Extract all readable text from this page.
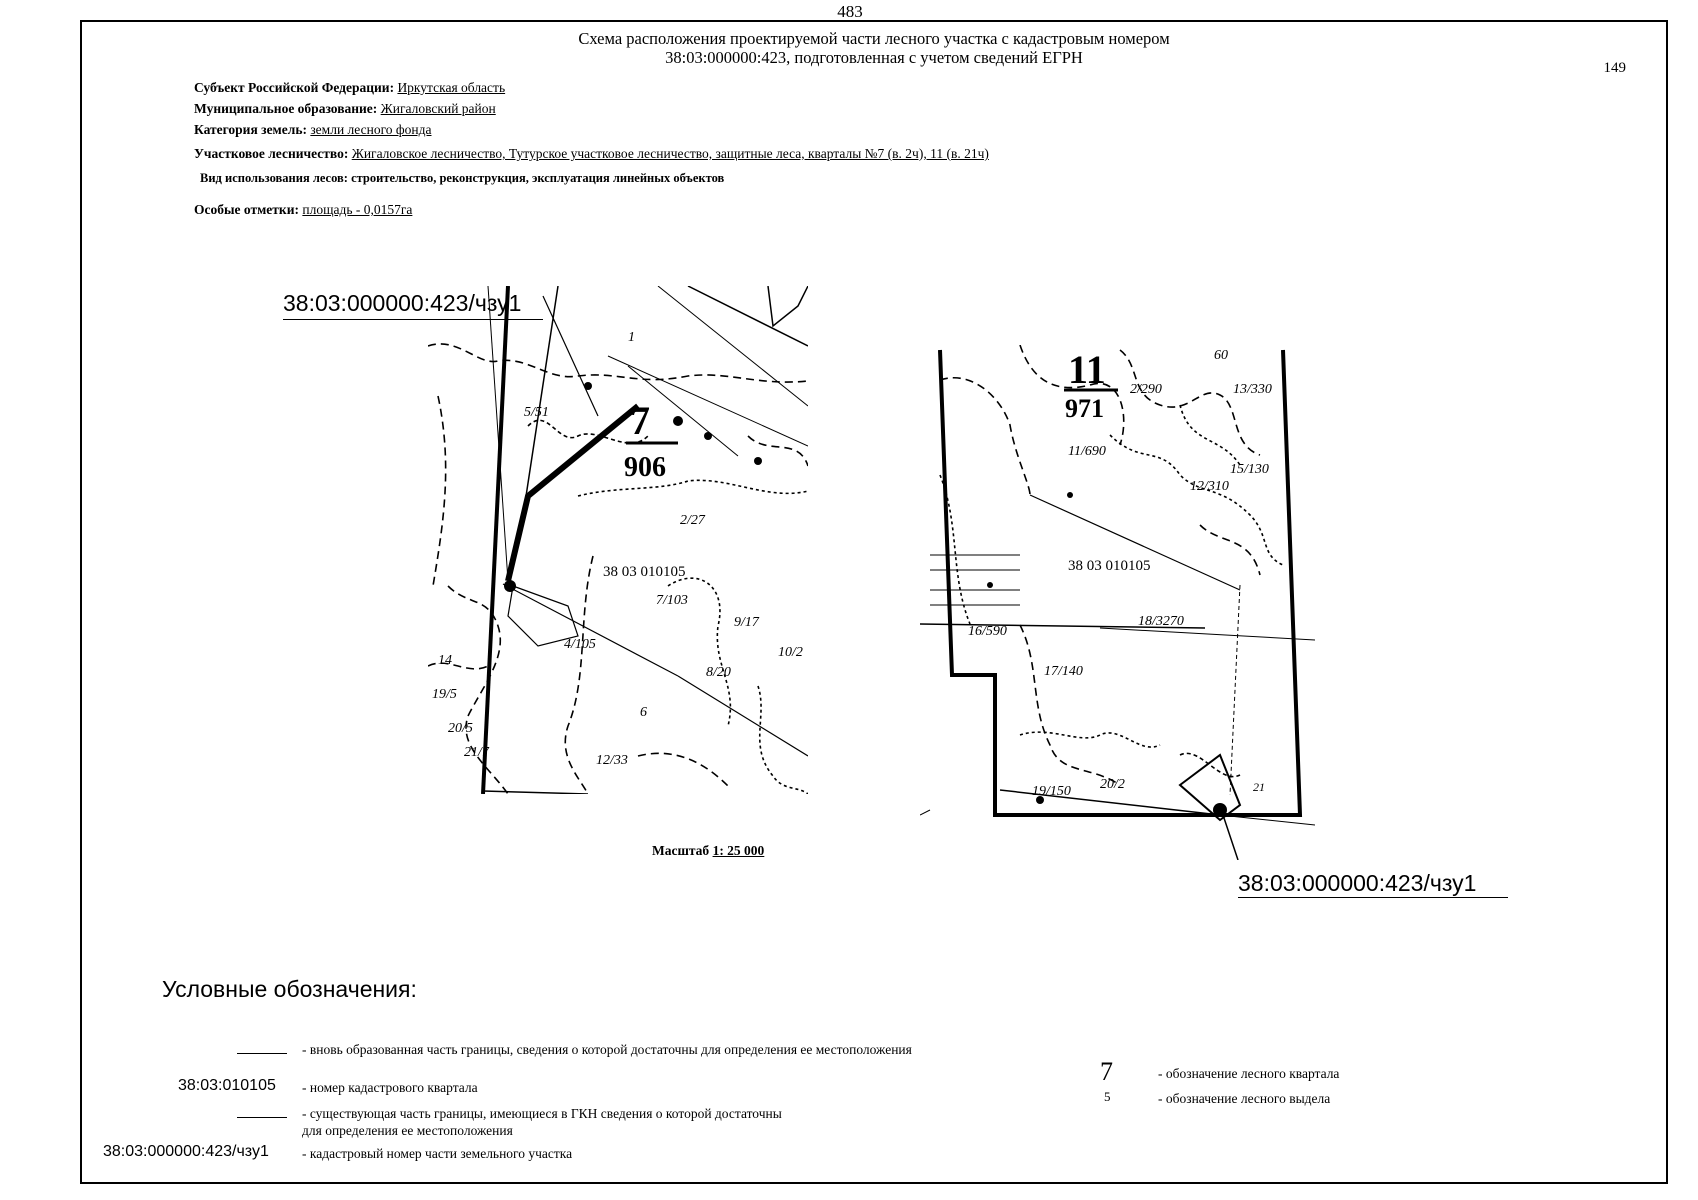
483
149
Схема расположения проектируемой части лесного участка с кадастровым номером
38:03:000000:423, подготовленная с учетом сведений ЕГРН
Субъект Российской Федерации: Иркутская область
Муниципальное образование: Жигаловский район
Категория земель: земли лесного фонда
Участковое лесничество: Жигаловское лесничество, Тутурское участковое лесничество, защитные леса, кварталы №7 (в. 2ч), 11 (в. 21ч)
Вид использования лесов: строительство, реконструкция, эксплуатация линейных объектов
Особые отметки: площадь - 0,0157га
7
906
38 03 010105
1
2/27
7/103
9/17
8/20
10/2
6
12/33
19/5
20/5
21/7
14
4/105
5/51
38:03:000000:423/чзу1
11
971
38 03 010105
60
2/290	13/330
11/690
15/130
12/310
18/3270
16/590
17/140
19/150 20/2	21
38:03:000000:423/чзу1
Масштаб 1: 25 000
Условные обозначения:
- вновь образованная часть границы, сведения о которой достаточны для определения ее местоположения
38:03:010105 - номер кадастрового квартала
- существующая часть границы, имеющиеся в ГКН сведения о которой достаточны
для определения ее местоположения
38:03:000000:423/чзу1 - кадастровый номер части земельного участка
7	- обозначение лесного квартала
5	- обозначение лесного выдела
